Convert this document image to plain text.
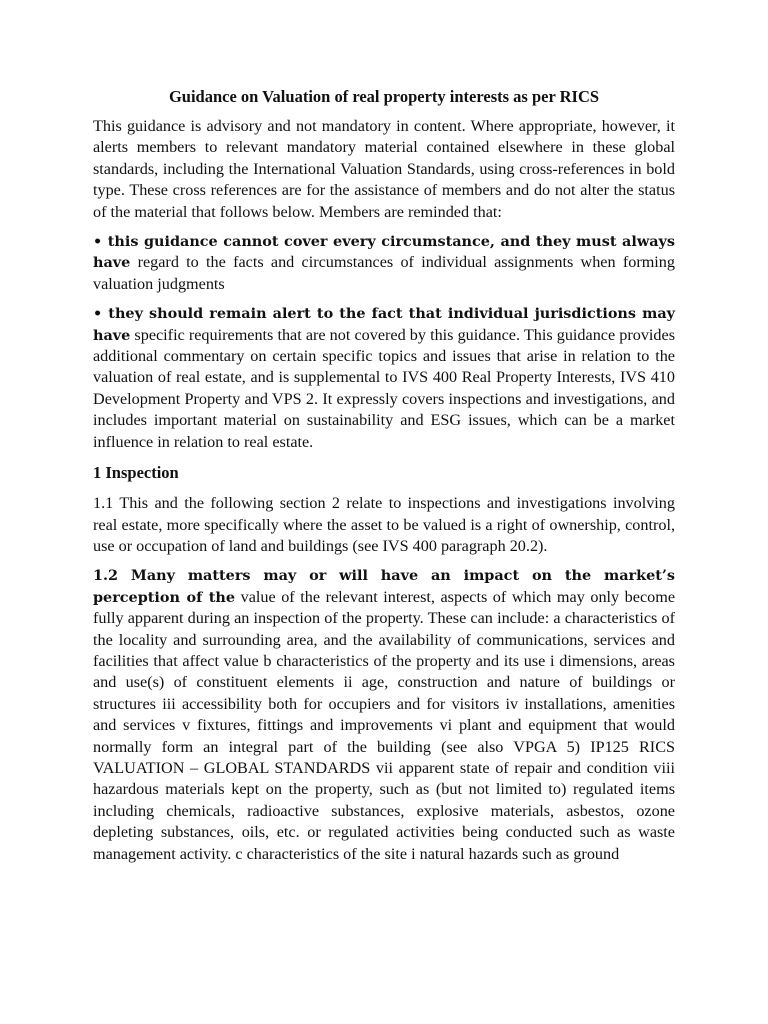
Guidance on Valuation of real property interests as per RICS

This guidance is advisory and not mandatory in content. Where appropriate, however, it alerts members to relevant mandatory material contained elsewhere in these global standards, including the International Valuation Standards, using cross-references in bold type. These cross references are for the assistance of members and do not alter the status of the material that follows below. Members are reminded that:

• this guidance cannot cover every circumstance, and they must always have regard to the facts and circumstances of individual assignments when forming valuation judgments

• they should remain alert to the fact that individual jurisdictions may have specific requirements that are not covered by this guidance. This guidance provides additional commentary on certain specific topics and issues that arise in relation to the valuation of real estate, and is supplemental to IVS 400 Real Property Interests, IVS 410 Development Property and VPS 2. It expressly covers inspections and investigations, and includes important material on sustainability and ESG issues, which can be a market influence in relation to real estate.

1 Inspection

1.1 This and the following section 2 relate to inspections and investigations involving real estate, more specifically where the asset to be valued is a right of ownership, control, use or occupation of land and buildings (see IVS 400 paragraph 20.2).

1.2 Many matters may or will have an impact on the market’s perception of the value of the relevant interest, aspects of which may only become fully apparent during an inspection of the property. These can include: a characteristics of the locality and surrounding area, and the availability of communications, services and facilities that affect value b characteristics of the property and its use i dimensions, areas and use(s) of constituent elements ii age, construction and nature of buildings or structures iii accessibility both for occupiers and for visitors iv installations, amenities and services v fixtures, fittings and improvements vi plant and equipment that would normally form an integral part of the building (see also VPGA 5) IP125 RICS VALUATION – GLOBAL STANDARDS vii apparent state of repair and condition viii hazardous materials kept on the property, such as (but not limited to) regulated items including chemicals, radioactive substances, explosive materials, asbestos, ozone depleting substances, oils, etc. or regulated activities being conducted such as waste management activity. c characteristics of the site i natural hazards such as ground
